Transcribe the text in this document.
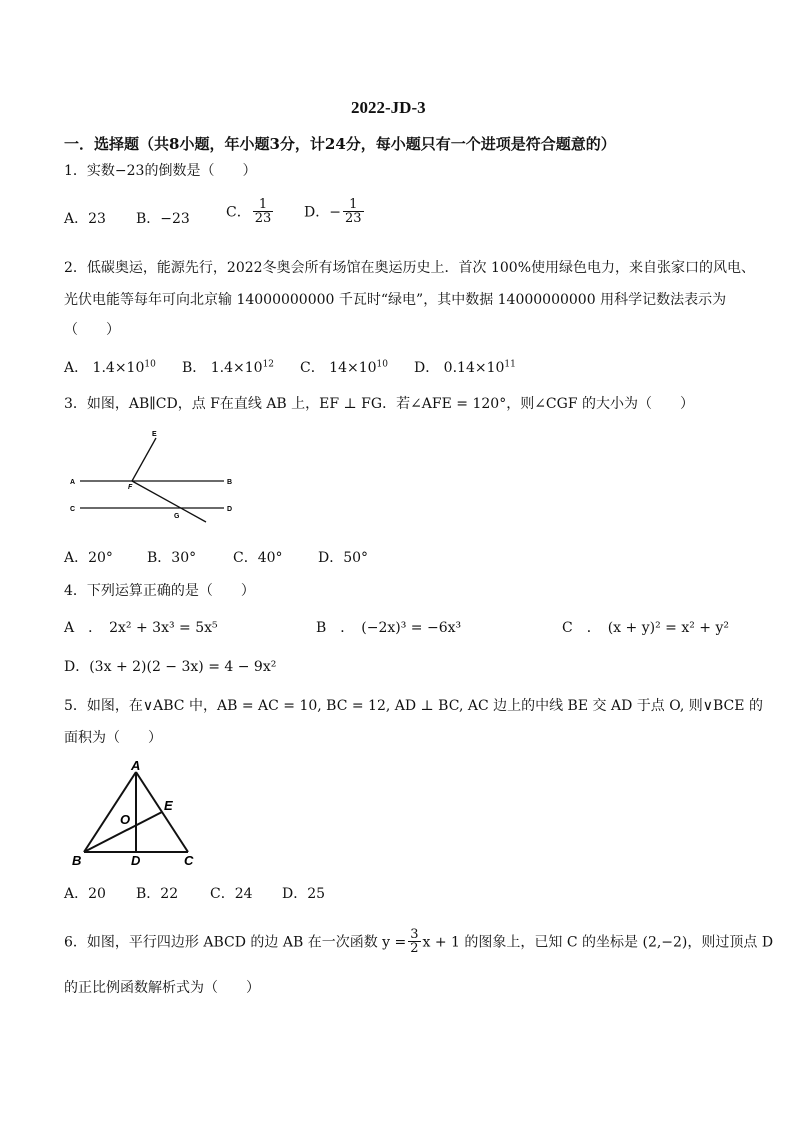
2022-JD-3
一．选择题（共8小题，年小题3分，计24分，每小题只有一个进项是符合题意的）
1．实数−23的倒数是（　　）
A．23 B．−23	C． $\frac{1}{23}$ D．− $\frac{1}{23}$
2．低碳奥运，能源先行，2022冬奥会所有场馆在奥运历史上．首次 100%使用绿色电力，来自张家口的风电、
光伏电能等每年可向北京输 14000000000 千瓦时“绿电”，其中数据 14000000000 用科学记数法表示为
（　　）
A． $1.4\times 10^{10}$ B． $1.4\times 10^{12}$ C． $14\times 10^{10}$ D． $0.14\times 10^{11}$
3．如图，AB∥CD，点 F在直线 AB 上，EF ⊥ FG．若∠AFE = 120°，则∠CGF 的大小为（　　）
E
A
F
B
C
G
D
A．20° B．30°	C．40°	D．50°
4．下列运算正确的是（　　）
A　．　2x² + 3x³ = 5x⁵	B　．　(−2x)³ = −6x³	C　．　(x + y)² = x² + y²
D．(3x + 2)(2 − 3x) = 4 − 9x²
5．如图，在∨ABC 中，AB = AC = 10, BC = 12, AD ⊥ BC, AC 边上的中线 BE 交 AD 于点 O, 则∨BCE 的
面积为（　　）
A
E
O
B	D	C
A．20 B．22 C．24 D．25
6．如图，平行四边形 ABCD 的边 AB 在一次函数 $y = \frac{3}{2}$ x + 1 的图象上，已知 C 的坐标是 (2,−2)，则过顶点 D
的正比例函数解析式为（　　）
